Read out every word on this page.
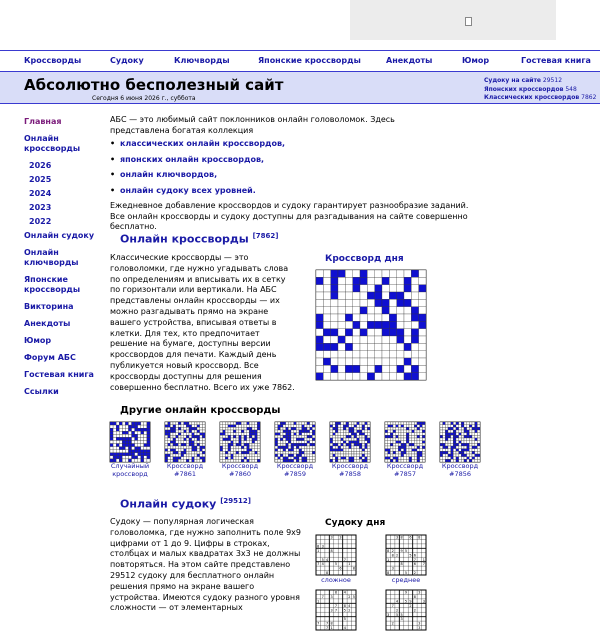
Кроссворды	Судоку	Ключворды	Японские кроссворды	Анекдоты	Юмор	Гостевая книга
Абсолютно бесполезный сайт
Сегодня 6 июня 2026 г., суббота
Судоку на сайте 29512
Японских кроссвордов 548
Классических кроссвордов 7862
Главная
Онлайн кроссворды
2026
2025
2024
2023
2022
Онлайн судоку
Онлайн ключворды
Японские кроссворды
Викторина
Анекдоты
Юмор
Форум АБС
Гостевая книга
Ссылки
АБС — это любимый сайт поклонников онлайн головоломок. Здесь представлена богатая коллекция
• классических онлайн кроссвордов,
• японских онлайн кроссвордов,
• онлайн ключвордов,
• онлайн судоку всех уровней.
Ежедневное добавление кроссвордов и судоку гарантирует разнообразие заданий.
Все онлайн кроссворды и судоку доступны для разгадывания на сайте совершенно бесплатно.
Онлайн кроссворды [7862]
Классические кроссворды — это головоломки, где нужно угадывать слова по определениям и вписывать их в сетку по горизонтали или вертикали. На АБС представлены онлайн кроссворды — их можно разгадывать прямо на экране вашего устройства, вписывая ответы в клетки. Для тех, кто предпочитает решение на бумаге, доступны версии кроссвордов для печати. Каждый день публикуется новый кроссворд. Все кроссворды доступны для решения совершенно бесплатно. Всего их уже 7862.
Кроссворд дня
Другие онлайн кроссворды
Случайный
кроссворд
Кроссворд
#7861
Кроссворд
#7860
Кроссворд
#7859
Кроссворд
#7858
Кроссворд
#7857
Кроссворд
#7856
Онлайн судоку [29512]
Судоку — популярная логическая головоломка, где нужно заполнить поле 9х9 цифрами от 1 до 9. Цифры в строках, столбцах и малых квадратах 3х3 не должны повторяться. На этом сайте представлено 29512 судоку для бесплатного онлайн решения прямо на экране вашего устройства. Имеются судоку разного уровня сложности — от элементарных
Судоку дня
3 3
8 3
1	8
5 4	7
7 4	5	1
6	8
8
сложное
3 8 6 8
8 2 9 5
8 2	5 6
1	7 1
8	6 7
3
8	5 2
среднее
8 4
7 3	2 5
1
7 8 4
3 7 5 2
5
7 7 8
7 1	4
9	3
8
4 5 9	3
7	2
2	2
3 5 5
3
2	3
3
